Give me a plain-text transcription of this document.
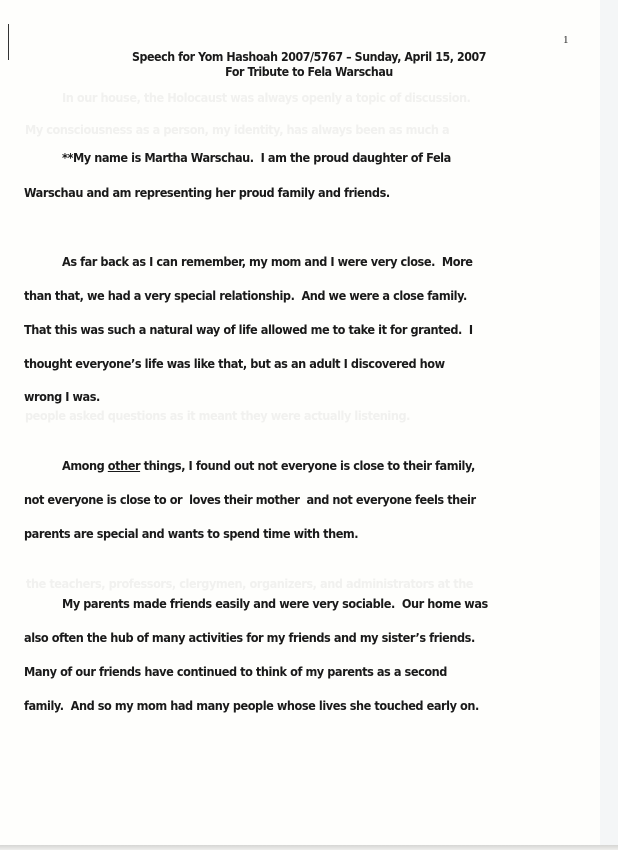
In our house, the Holocaust was always openly a topic of discussion.
My consciousness as a person, my identity, has always been as much a
people asked questions as it meant they were actually listening.
the teachers, professors, clergymen, organizers, and administrators at the
1
Speech for Yom Hashoah 2007/5767 – Sunday, April 15, 2007
For Tribute to Fela Warschau
**My name is Martha Warschau.  I am the proud daughter of Fela
Warschau and am representing her proud family and friends.
As far back as I can remember, my mom and I were very close.  More
than that, we had a very special relationship.  And we were a close family.
That this was such a natural way of life allowed me to take it for granted.  I
thought everyone’s life was like that, but as an adult I discovered how
wrong I was.
Among other things, I found out not everyone is close to their family,
not everyone is close to or  loves their mother  and not everyone feels their
parents are special and wants to spend time with them.
My parents made friends easily and were very sociable.  Our home was
also often the hub of many activities for my friends and my sister’s friends.
Many of our friends have continued to think of my parents as a second
family.  And so my mom had many people whose lives she touched early on.
